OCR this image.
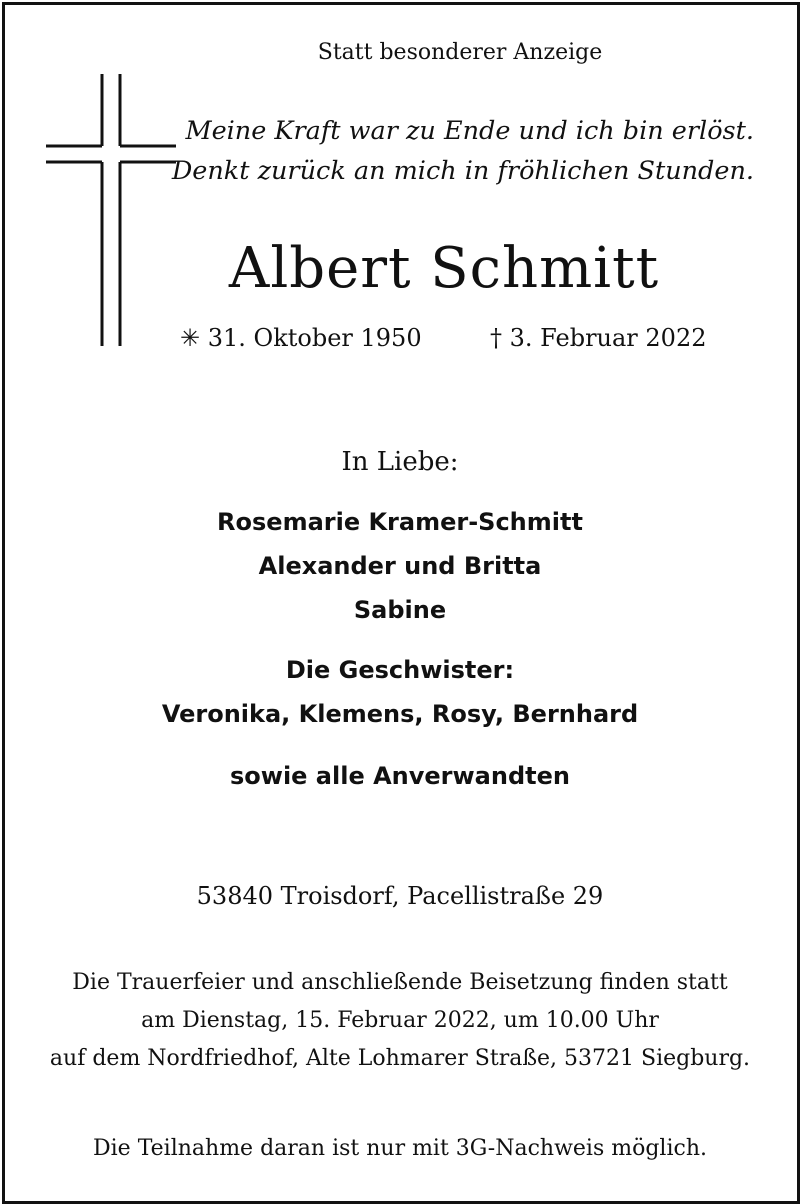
Statt besonderer Anzeige
Meine Kraft war zu Ende und ich bin erlöst.
Denkt zurück an mich in fröhlichen Stunden.
Albert Schmitt
✳ 31. Oktober 1950	† 3. Februar 2022
In Liebe:
Rosemarie Kramer-Schmitt
Alexander und Britta
Sabine
Die Geschwister:
Veronika, Klemens, Rosy, Bernhard
sowie alle Anverwandten
53840 Troisdorf, Pacellistraße 29
Die Trauerfeier und anschließende Beisetzung finden statt
am Dienstag, 15. Februar 2022, um 10.00 Uhr
auf dem Nordfriedhof, Alte Lohmarer Straße, 53721 Siegburg.
Die Teilnahme daran ist nur mit 3G-Nachweis möglich.
